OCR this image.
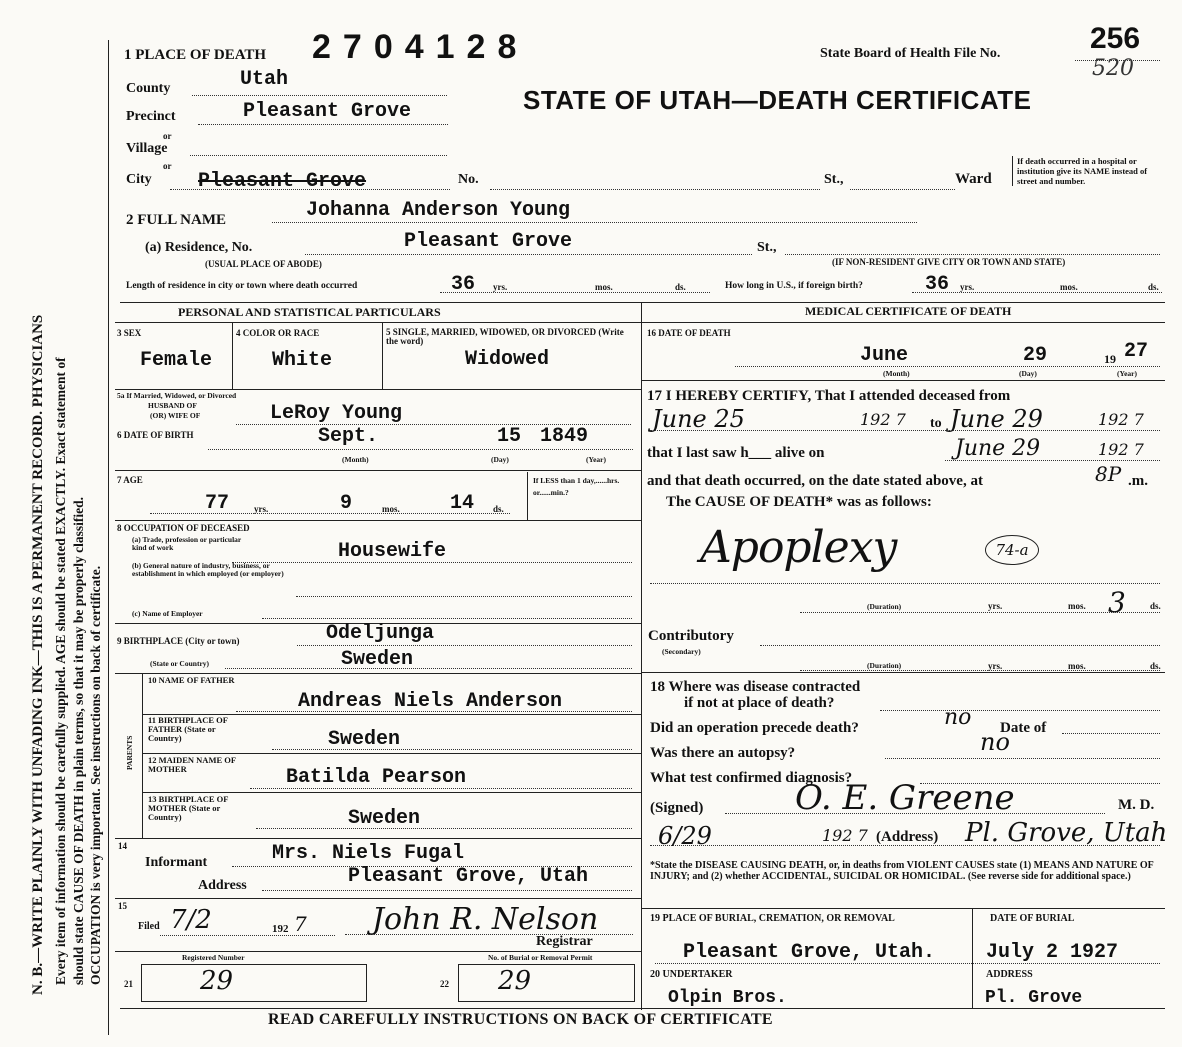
N. B.—WRITE PLAINLY WITH UNFADING INK—THIS IS A PERMANENT RECORD. PHYSICIANS
Every item of information should be carefully supplied. AGE should be stated EXACTLY. Exact statement of
should state CAUSE OF DEATH in plain terms, so that it may be properly classified. OCCUPATION is very important. See instructions on back of certificate.
1 PLACE OF DEATH 2704128	State Board of Health File No.	256
520
STATE OF UTAH—DEATH CERTIFICATE
County	Utah
Precinct	Pleasant Grove
or
Village
or
City Pleasant Grove	No.	St.,	Ward
If death occurred in a hospital or institution give its NAME instead of street and number.
2 FULL NAME	Johanna Anderson Young
(a) Residence, No.	Pleasant Grove	St.,
(USUAL PLACE OF ABODE)	(IF NON-RESIDENT GIVE CITY OR TOWN AND STATE)
Length of residence in city or town where death occurred	36 yrs.	mos.	ds.	How long in U.S., if foreign birth?	36 yrs.	mos.	ds.
PERSONAL AND STATISTICAL PARTICULARS
3 SEX
Female
4 COLOR OR RACE
White
5 SINGLE, MARRIED, WIDOWED, OR DIVORCED (Write the word)
Widowed
5a If Married, Widowed, or Divorced
HUSBAND OF
(OR) WIFE OF	LeRoy Young
6 DATE OF BIRTH	Sept.	15 1849
(Month)	(Day)	(Year)
7 AGE
77	yrs.	9	mos.	14 ds.
If LESS than 1 day,......hrs. or......min.?
8 OCCUPATION OF DECEASED
(a) Trade, profession or particular kind of work	Housewife
(b) General nature of industry, business, or establishment in which employed (or employer)
(c) Name of Employer
9 BIRTHPLACE (City or town)	Odeljunga
(State or Country)	Sweden
PARENTS
10 NAME OF FATHER
Andreas Niels Anderson
11 BIRTHPLACE OF FATHER (State or Country)	Sweden
12 MAIDEN NAME OF MOTHER	Batilda Pearson
13 BIRTHPLACE OF MOTHER (State or Country)	Sweden
14
Informant	Mrs. Niels Fugal
Address	Pleasant Grove, Utah
15
Filed 7/2	192 7 John R. Nelson
Registrar
Registered Number	No. of Burial or Removal Permit
21	29	22 29
MEDICAL CERTIFICATE OF DEATH
16 DATE OF DEATH
June	29	19 27
(Month)	(Day)	(Year)
17 I HEREBY CERTIFY, That I attended deceased from
June 25	192 7 to June 29	192 7
that I last saw h___ alive on	June 29	192 7
and that death occurred, on the date stated above, at	8P .m.
The CAUSE OF DEATH* was as follows:
Apoplexy	74-a
(Duration)	yrs.	mos. 3	ds.
Contributory
(Secondary)
(Duration)	yrs.	mos.	ds.
18 Where was disease contracted
if not at place of death?
Did an operation precede death?	no Date of
Was there an autopsy?	no
What test confirmed diagnosis?
(Signed)	O. E. Greene	M. D.
6/29	192 7 (Address) Pl. Grove, Utah
*State the DISEASE CAUSING DEATH, or, in deaths from VIOLENT CAUSES state (1) MEANS AND NATURE OF INJURY; and (2) whether ACCIDENTAL, SUICIDAL OR HOMICIDAL. (See reverse side for additional space.)
19 PLACE OF BURIAL, CREMATION, OR REMOVAL	DATE OF BURIAL
Pleasant Grove, Utah.	July 2 1927
20 UNDERTAKER	ADDRESS
Olpin Bros.	Pl. Grove
READ CAREFULLY INSTRUCTIONS ON BACK OF CERTIFICATE
